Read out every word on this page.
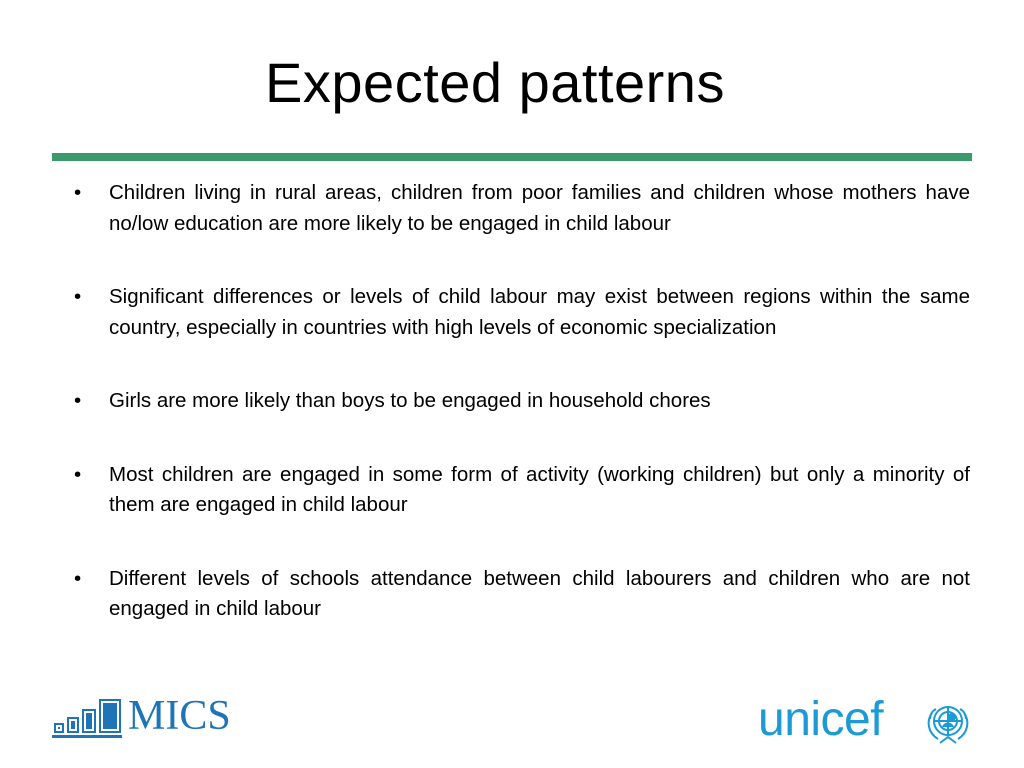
Expected patterns
•	Children living in rural areas, children from poor families and children whose mothers have no/low education are more likely to be engaged in child labour
•	Significant differences or levels of child labour may exist between regions within the same country, especially in countries with high levels of economic specialization
•	Girls are more likely than boys to be engaged in household chores
•	Most children are engaged in some form of activity (working children) but only a minority of them are engaged in child labour
•	Different levels of schools attendance between child labourers and children who are not engaged in child labour
MICS	unicef
